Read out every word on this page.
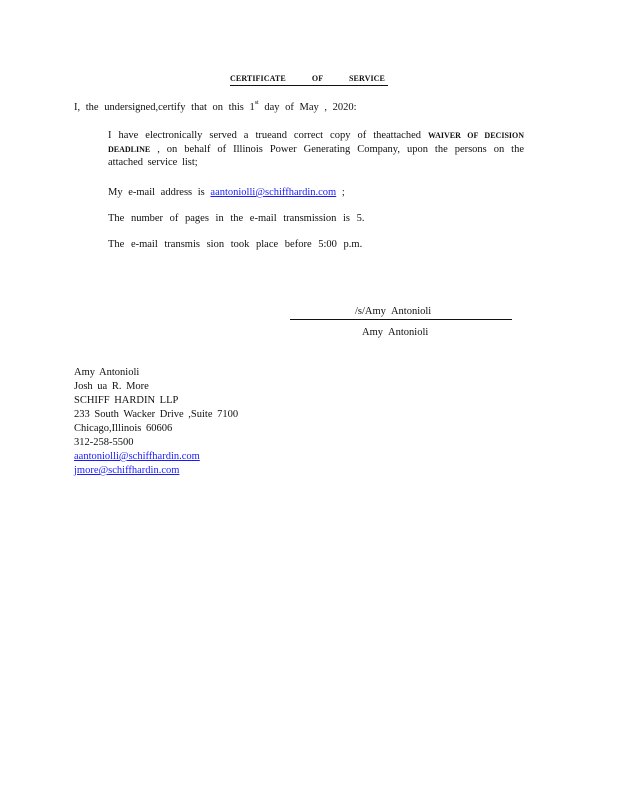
CERTIFICATE OF SERVICE
I, the undersigned,certify that on this 1st day of May , 2020:
I have electronically served a trueand correct copy of theattached WAIVER OF DECISION DEADLINE , on behalf of Illinois Power Generating Company, upon the persons on the attached service list;
My e-mail address is aantoniolli@schiffhardin.com ;
The number of pages in the e-mail transmission is 5.
The e-mail transmis sion took place before 5:00 p.m.
/s/Amy Antonioli
Amy Antonioli
Amy Antonioli
Josh ua R. More
SCHIFF HARDIN LLP
233 South Wacker Drive ,Suite 7100
Chicago,Illinois 60606
312-258-5500
aantoniolli@schiffhardin.com
jmore@schiffhardin.com
